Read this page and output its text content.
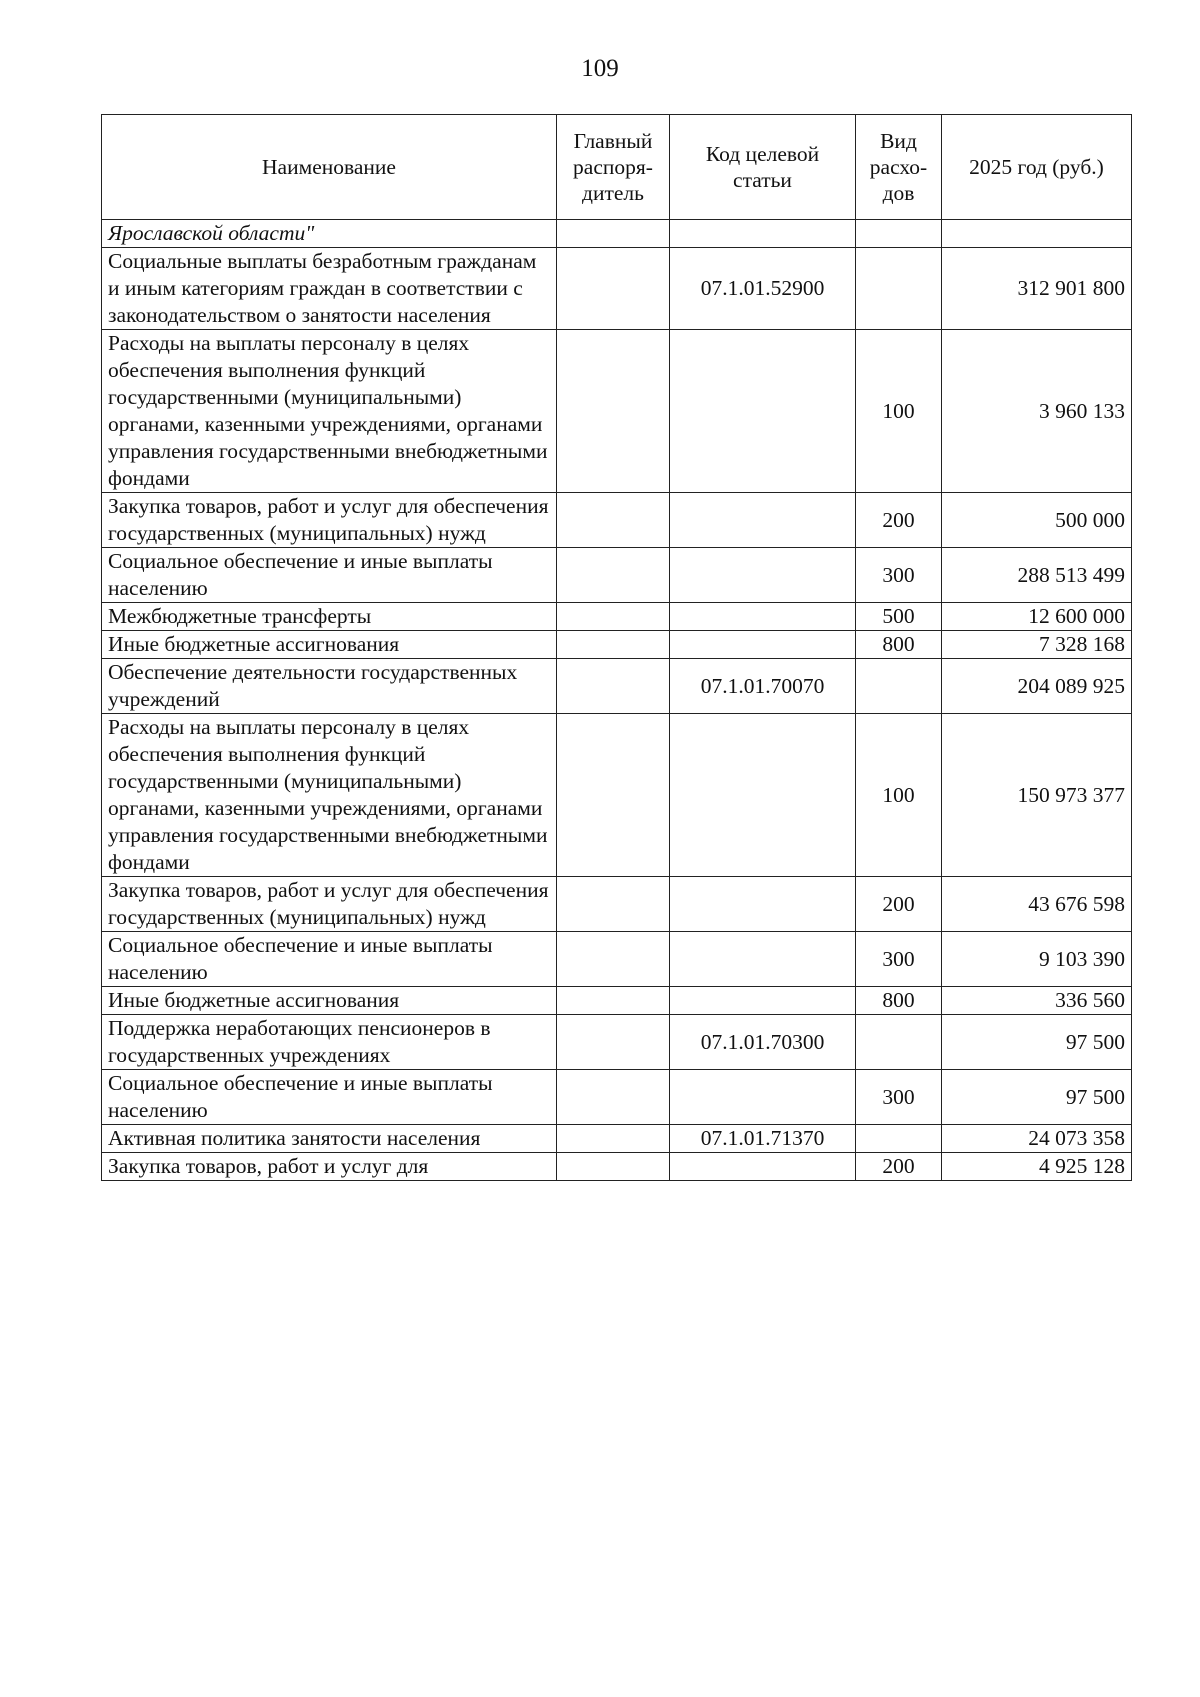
109
Наименование	Главный распоря-дитель	Код целевой статьи	Вид расхо-дов	2025 год (руб.)
Ярославской области"				
Социальные выплаты безработным гражданам и иным категориям граждан в соответствии с законодательством о занятости населения		07.1.01.52900		312 901 800
Расходы на выплаты персоналу в целях обеспечения выполнения функций государственными (муниципальными) органами, казенными учреждениями, органами управления государственными внебюджетными фондами			100	3 960 133
Закупка товаров, работ и услуг для обеспечения государственных (муниципальных) нужд			200	500 000
Социальное обеспечение и иные выплаты населению			300	288 513 499
Межбюджетные трансферты			500	12 600 000
Иные бюджетные ассигнования			800	7 328 168
Обеспечение деятельности государственных учреждений		07.1.01.70070		204 089 925
Расходы на выплаты персоналу в целях обеспечения выполнения функций государственными (муниципальными) органами, казенными учреждениями, органами управления государственными внебюджетными фондами			100	150 973 377
Закупка товаров, работ и услуг для обеспечения государственных (муниципальных) нужд			200	43 676 598
Социальное обеспечение и иные выплаты населению			300	9 103 390
Иные бюджетные ассигнования			800	336 560
Поддержка неработающих пенсионеров в государственных учреждениях		07.1.01.70300		97 500
Социальное обеспечение и иные выплаты населению			300	97 500
Активная политика занятости населения		07.1.01.71370		24 073 358
Закупка товаров, работ и услуг для			200	4 925 128
